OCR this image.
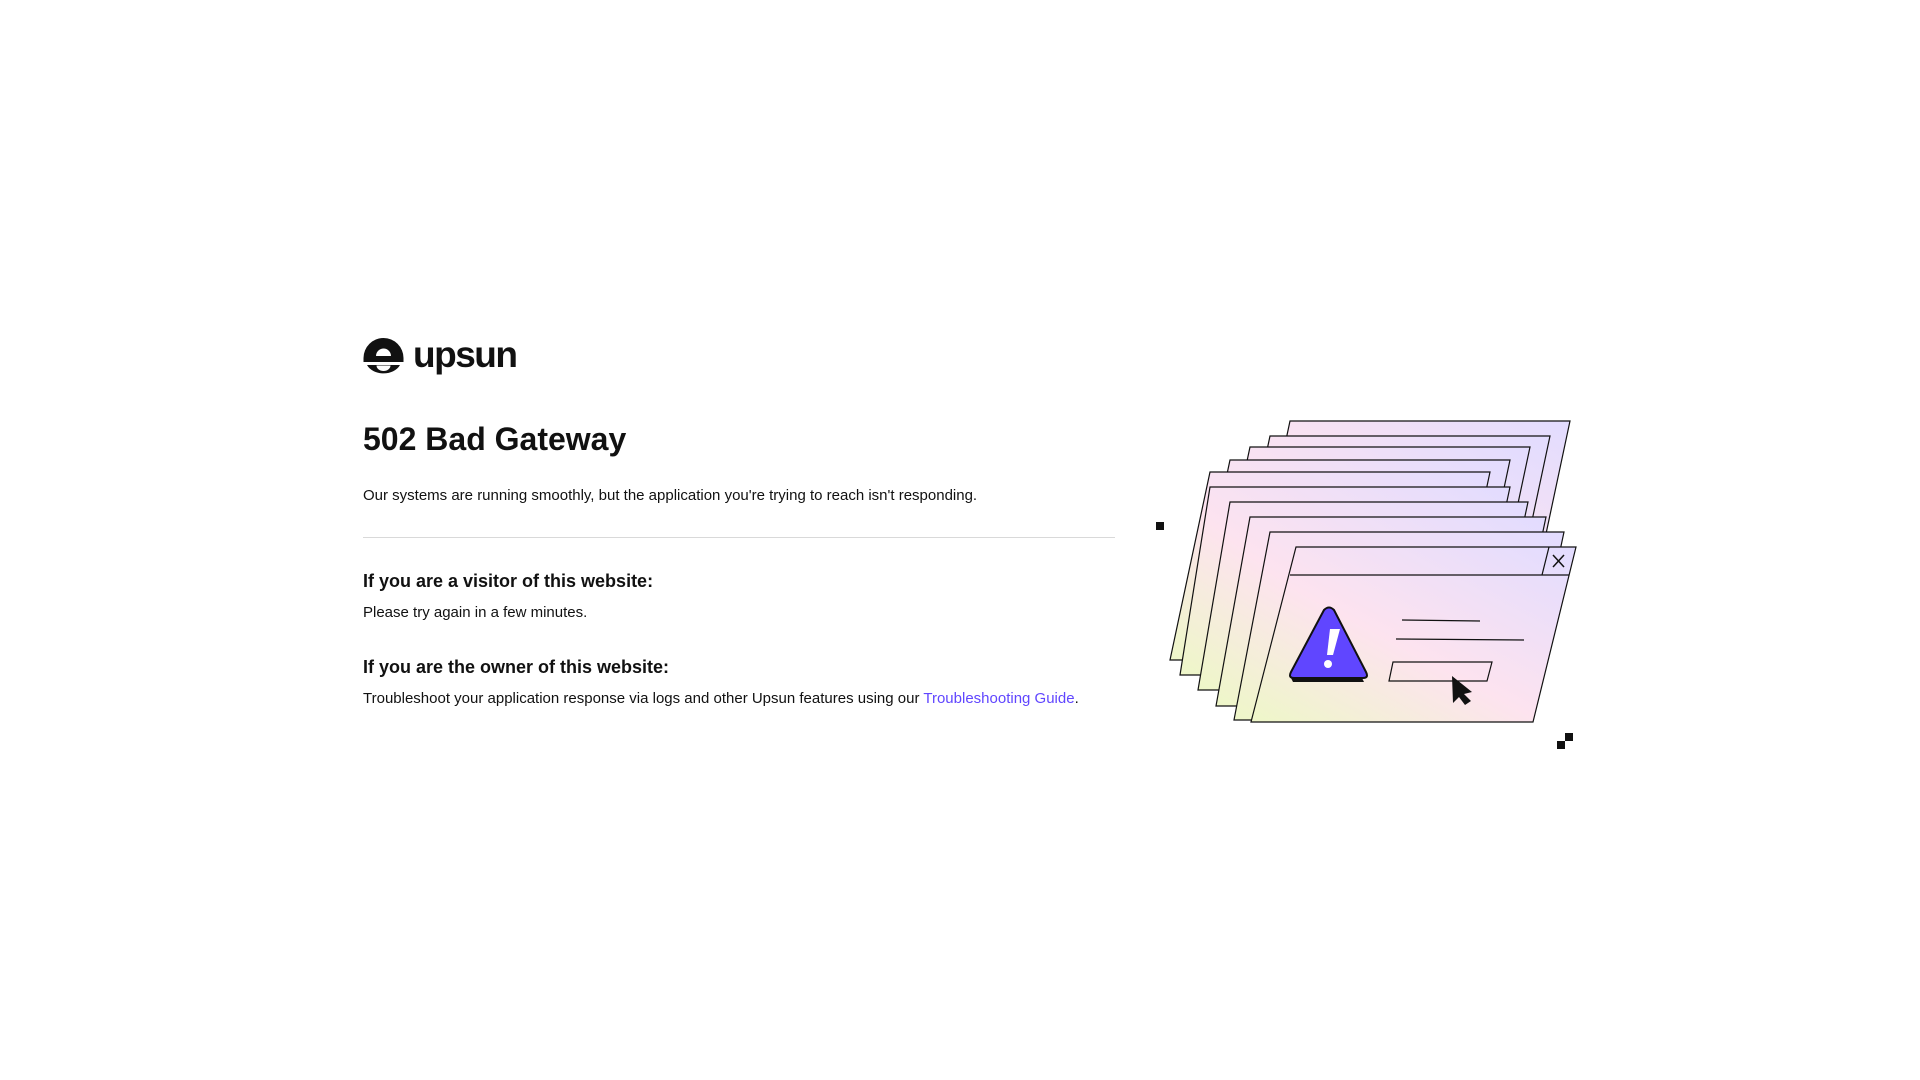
upsun
502 Bad Gateway

Our systems are running smoothly, but the application you're trying to reach isn't responding.

If you are a visitor of this website:

Please try again in a few minutes.

If you are the owner of this website:

Troubleshoot your application response via logs and other Upsun features using our Troubleshooting Guide.
